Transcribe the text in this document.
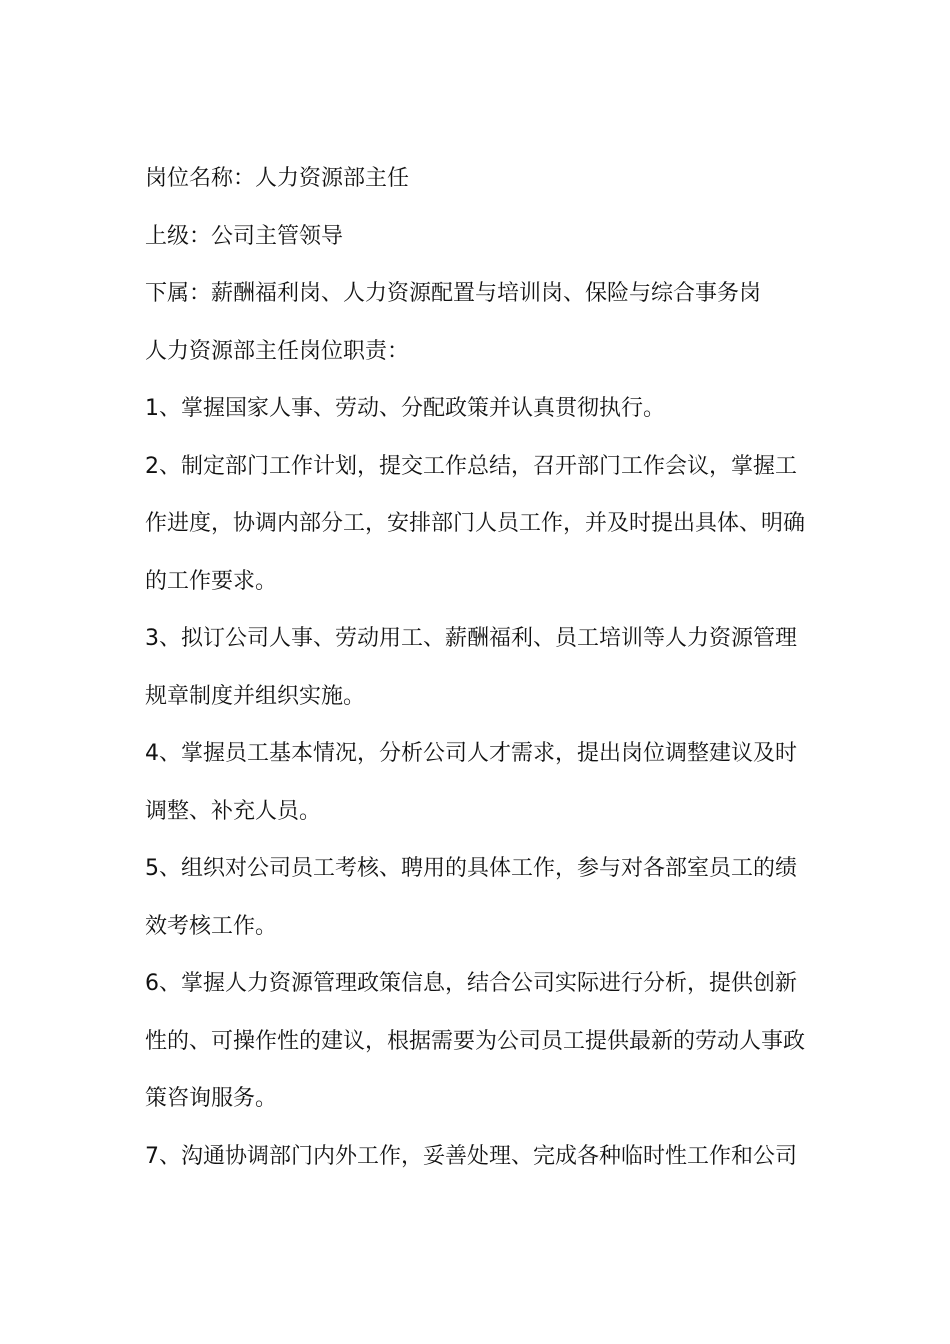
岗位名称：人力资源部主任
上级：公司主管领导
下属：薪酬福利岗、人力资源配置与培训岗、保险与综合事务岗
人力资源部主任岗位职责：
1、掌握国家人事、劳动、分配政策并认真贯彻执行。
2、制定部门工作计划，提交工作总结，召开部门工作会议，掌握工
作进度，协调内部分工，安排部门人员工作，并及时提出具体、明确
的工作要求。
3、拟订公司人事、劳动用工、薪酬福利、员工培训等人力资源管理
规章制度并组织实施。
4、掌握员工基本情况，分析公司人才需求，提出岗位调整建议及时
调整、补充人员。
5、组织对公司员工考核、聘用的具体工作，参与对各部室员工的绩
效考核工作。
6、掌握人力资源管理政策信息，结合公司实际进行分析，提供创新
性的、可操作性的建议，根据需要为公司员工提供最新的劳动人事政
策咨询服务。
7、沟通协调部门内外工作，妥善处理、完成各种临时性工作和公司
